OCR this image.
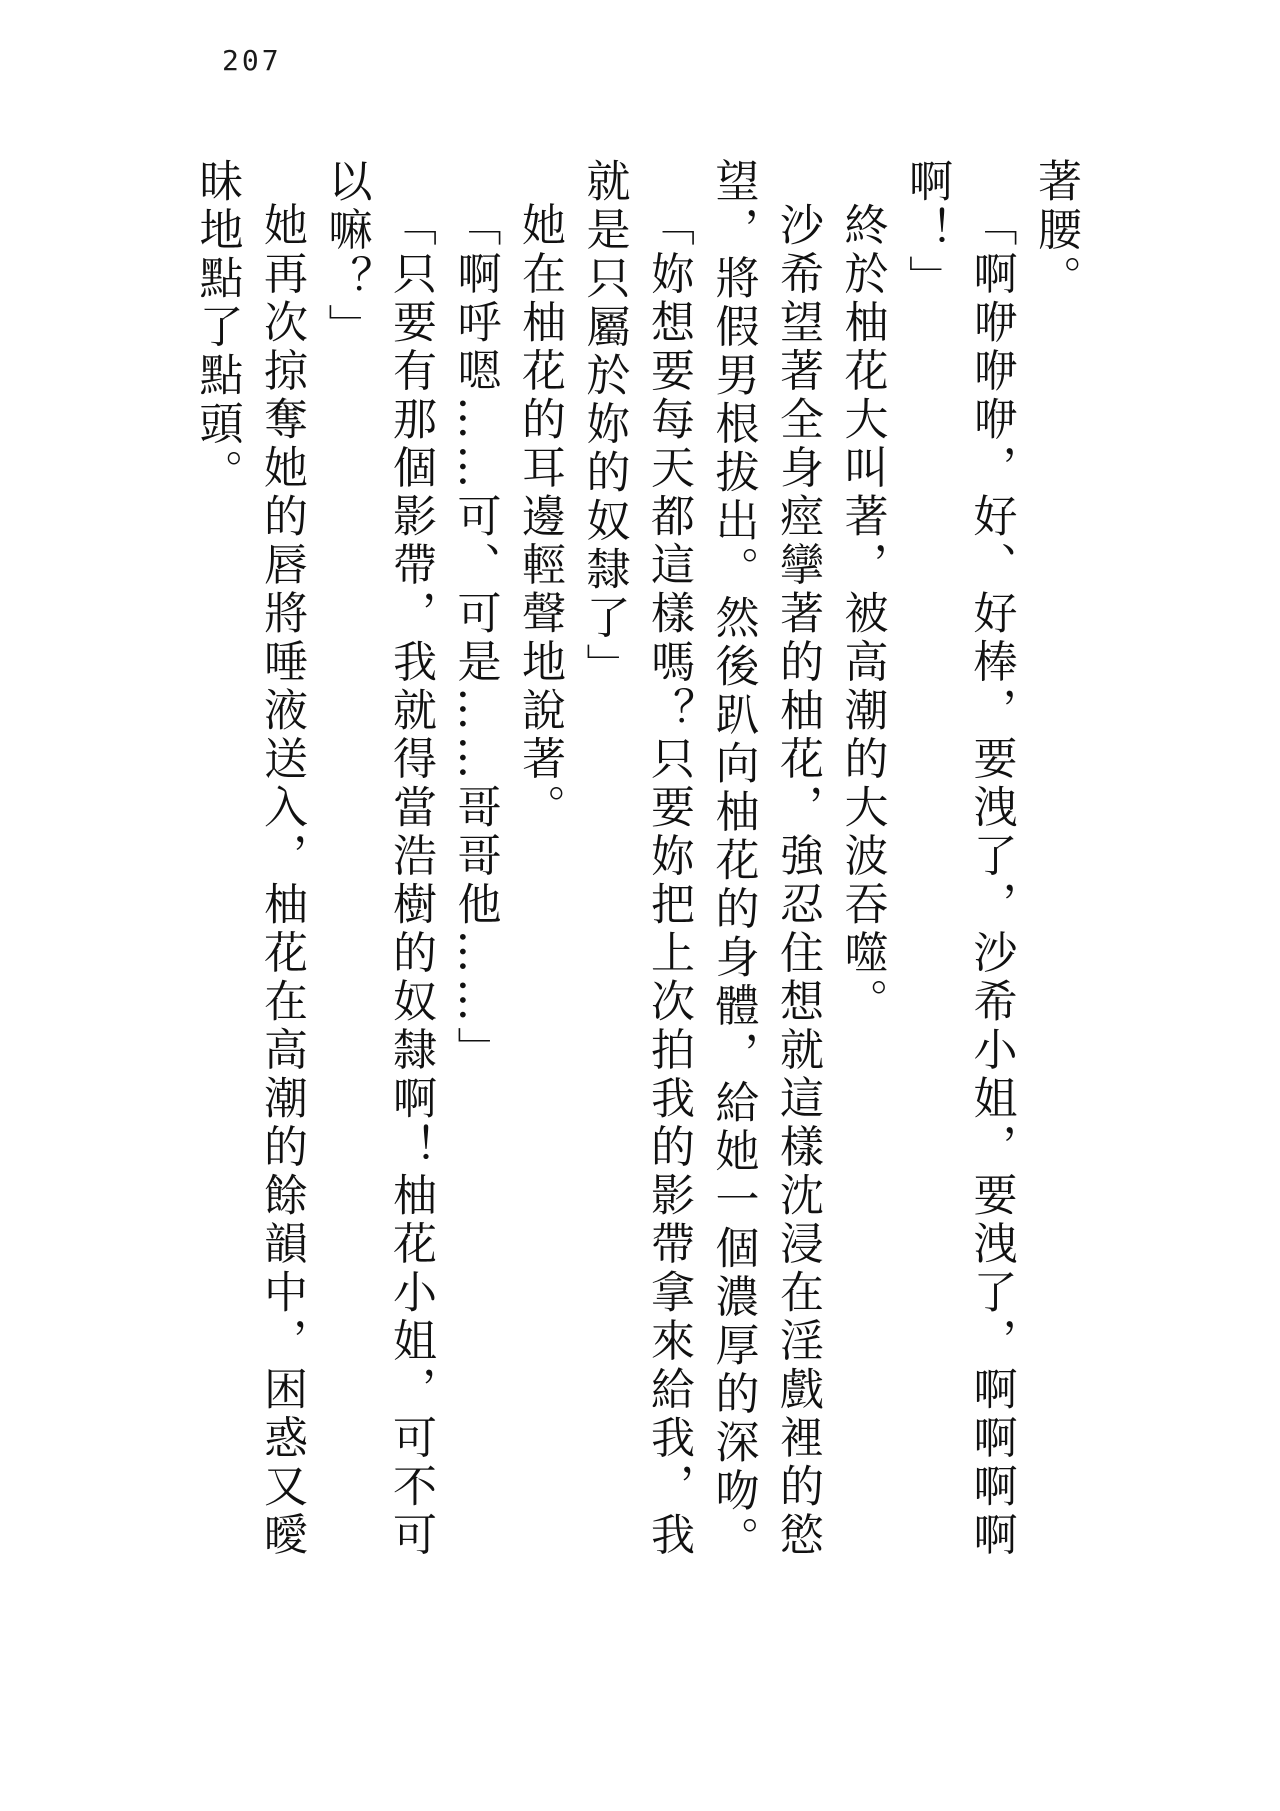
207
著腰。
「啊咿咿咿，好、好棒，要洩了，沙希小姐，要洩了，啊啊啊啊
啊！」
終於柚花大叫著，被高潮的大波吞噬。
沙希望著全身痙攣著的柚花，強忍住想就這樣沈浸在淫戲裡的慾
望，將假男根拔出。然後趴向柚花的身體，給她一個濃厚的深吻。
「妳想要每天都這樣嗎？只要妳把上次拍我的影帶拿來給我，我
就是只屬於妳的奴隸了」
她在柚花的耳邊輕聲地說著。
「啊呼嗯……可、可是……哥哥他……」
「只要有那個影帶，我就得當浩樹的奴隸啊！柚花小姐，可不可
以嘛？」
她再次掠奪她的唇將唾液送入，柚花在高潮的餘韻中，困惑又曖
昧地點了點頭。
